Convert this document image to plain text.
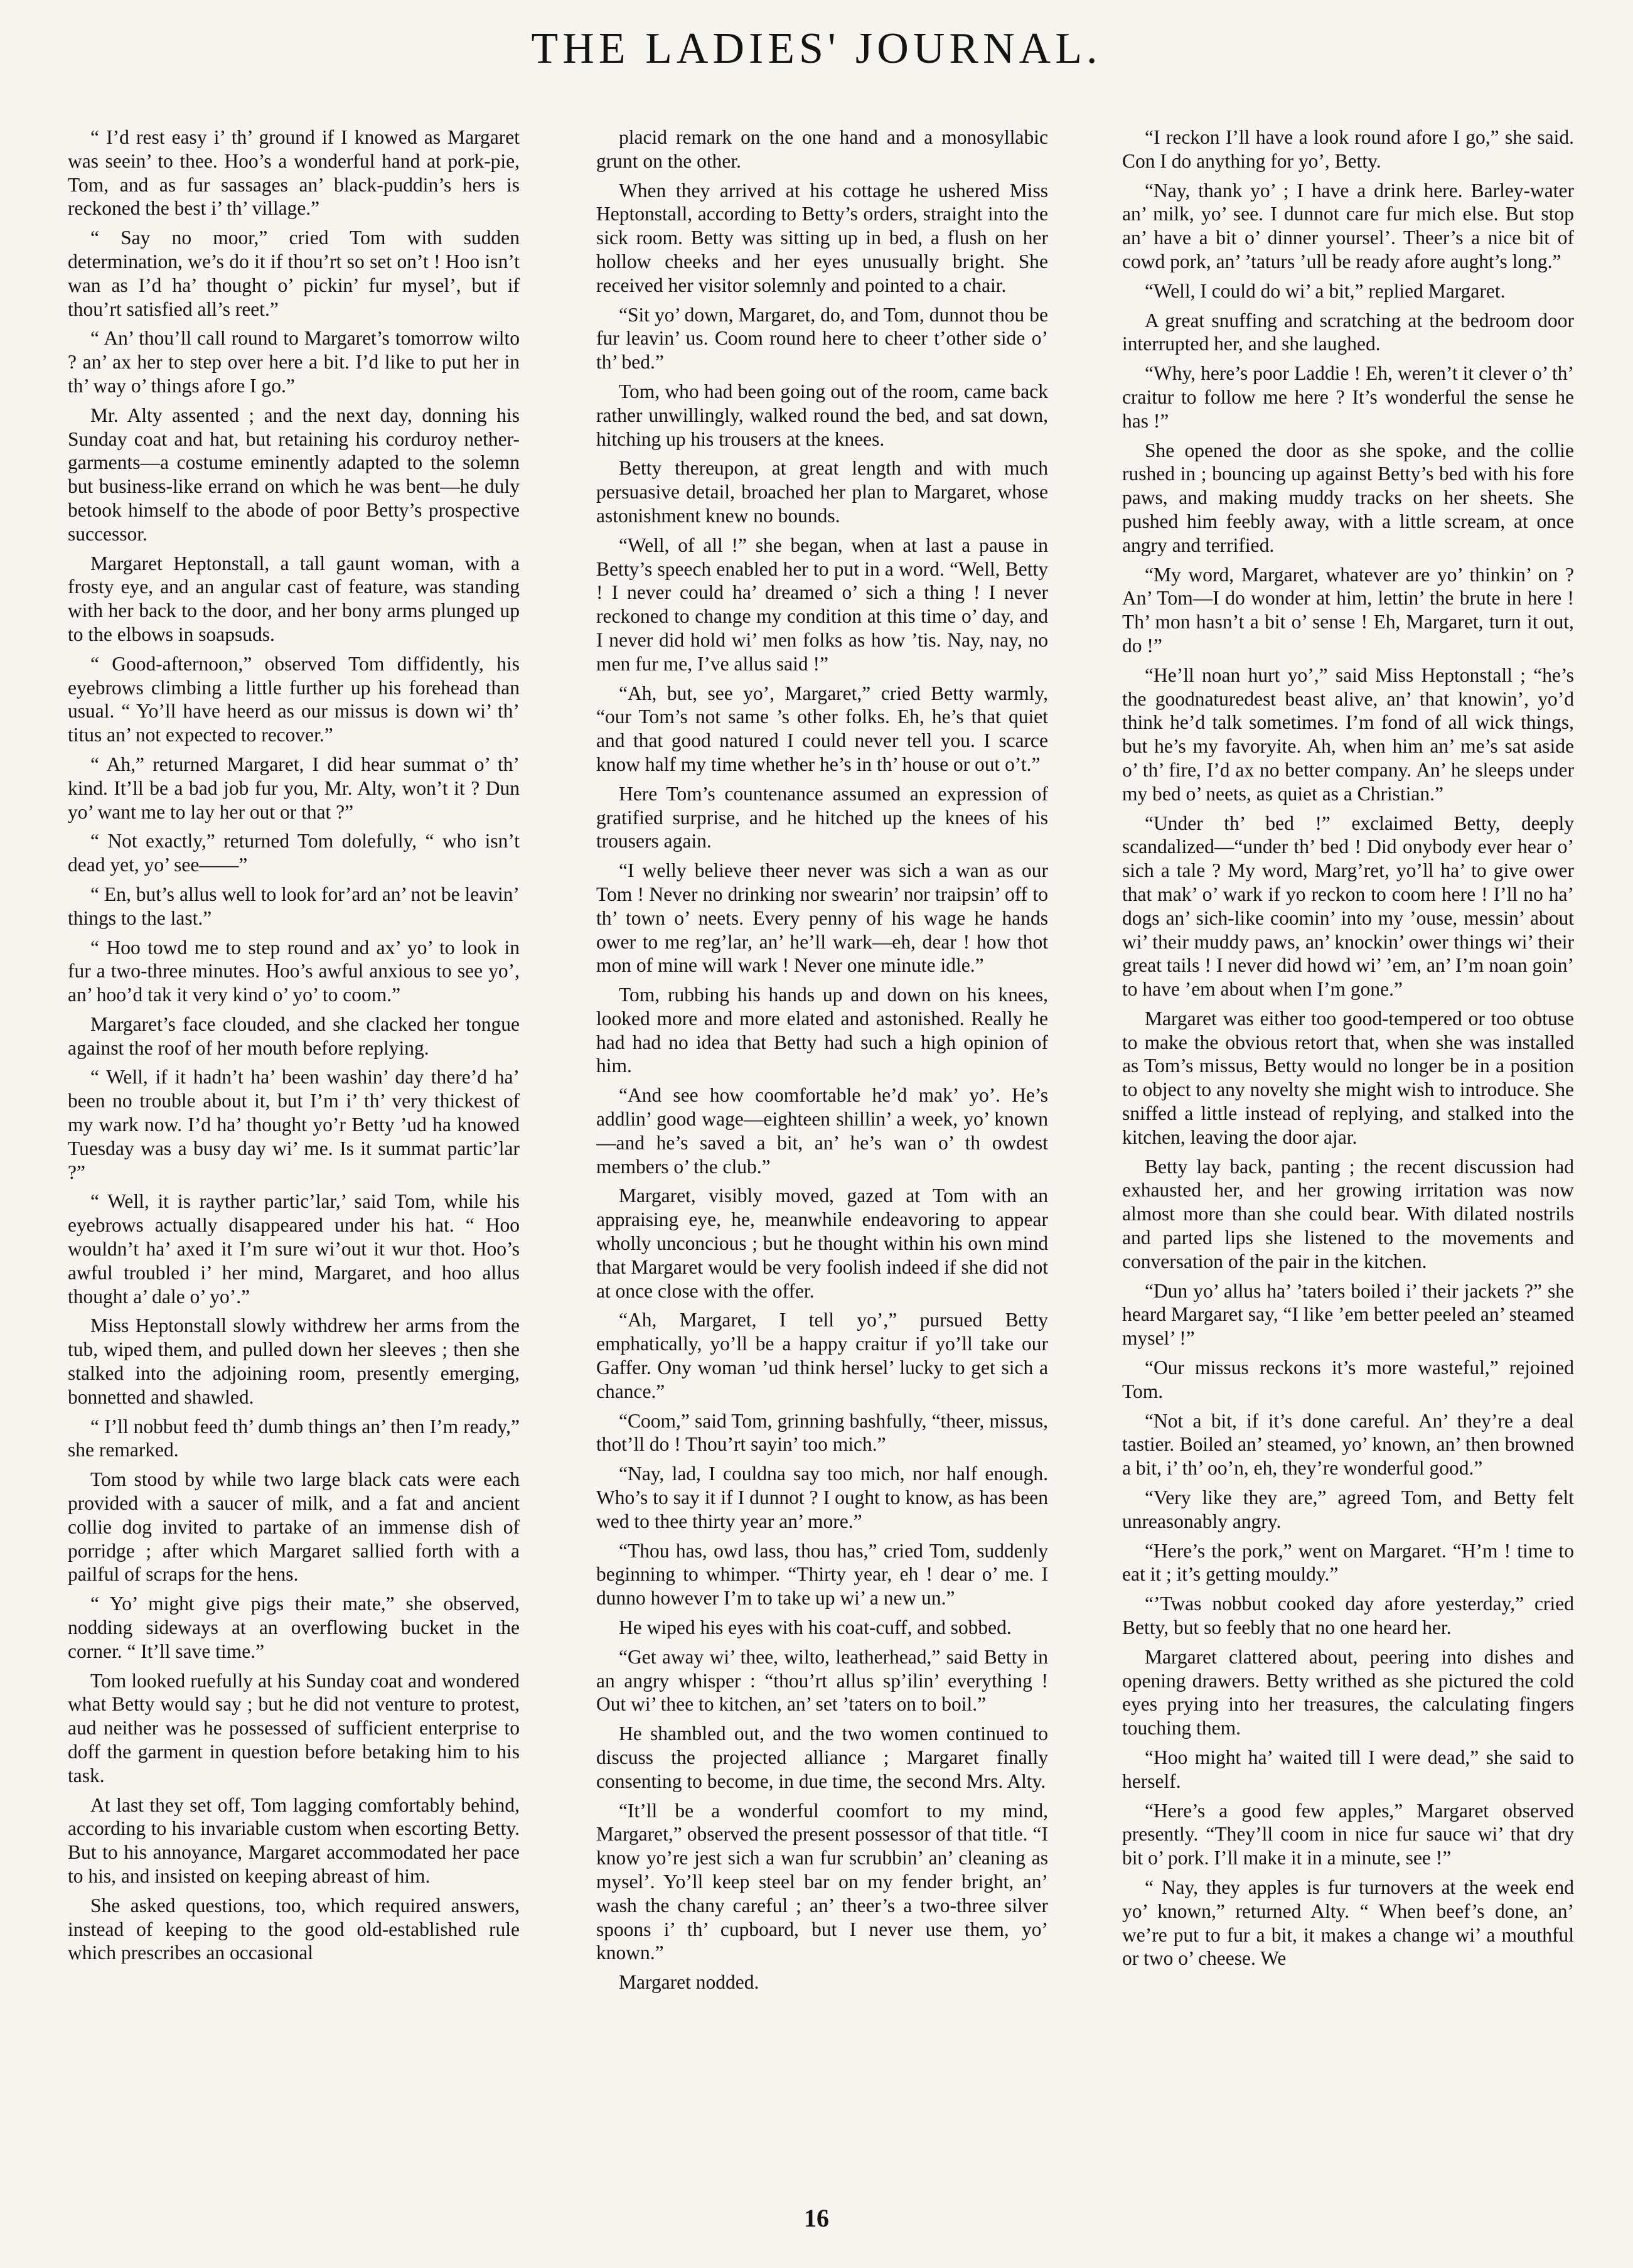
THE LADIES' JOURNAL.

“ I’d rest easy i’ th’ ground if I knowed as Margaret was seein’ to thee. Hoo’s a wonderful hand at pork-pie, Tom, and as fur sassages an’ black-puddin’s hers is reckoned the best i’ th’ village.”

“ Say no moor,” cried Tom with sudden determination, we’s do it if thou’rt so set on’t ! Hoo isn’t wan as I’d ha’ thought o’ pickin’ fur mysel’, but if thou’rt satisfied all’s reet.”

“ An’ thou’ll call round to Margaret’s tomorrow wilto ? an’ ax her to step over here a bit. I’d like to put her in th’ way o’ things afore I go.”

Mr. Alty assented ; and the next day, donning his Sunday coat and hat, but retaining his corduroy nether-garments—a costume eminently adapted to the solemn but business-like errand on which he was bent—he duly betook himself to the abode of poor Betty’s prospective successor.

Margaret Heptonstall, a tall gaunt woman, with a frosty eye, and an angular cast of feature, was standing with her back to the door, and her bony arms plunged up to the elbows in soapsuds.

“ Good-afternoon,” observed Tom diffidently, his eyebrows climbing a little further up his forehead than usual. “ Yo’ll have heerd as our missus is down wi’ th’ titus an’ not expected to recover.”

“ Ah,” returned Margaret, I did hear summat o’ th’ kind. It’ll be a bad job fur you, Mr. Alty, won’t it ? Dun yo’ want me to lay her out or that ?”

“ Not exactly,” returned Tom dolefully, “ who isn’t dead yet, yo’ see——”

“ En, but’s allus well to look for’ard an’ not be leavin’ things to the last.”

“ Hoo towd me to step round and ax’ yo’ to look in fur a two-three minutes. Hoo’s awful anxious to see yo’, an’ hoo’d tak it very kind o’ yo’ to coom.”

Margaret’s face clouded, and she clacked her tongue against the roof of her mouth before replying.

“ Well, if it hadn’t ha’ been washin’ day there’d ha’ been no trouble about it, but I’m i’ th’ very thickest of my wark now. I’d ha’ thought yo’r Betty ’ud ha knowed Tuesday was a busy day wi’ me. Is it summat partic’lar ?”

“ Well, it is rayther partic’lar,’ said Tom, while his eyebrows actually disappeared under his hat. “ Hoo wouldn’t ha’ axed it I’m sure wi’out it wur thot. Hoo’s awful troubled i’ her mind, Margaret, and hoo allus thought a’ dale o’ yo’.”

Miss Heptonstall slowly withdrew her arms from the tub, wiped them, and pulled down her sleeves ; then she stalked into the adjoining room, presently emerging, bonnetted and shawled.

“ I’ll nobbut feed th’ dumb things an’ then I’m ready,” she remarked.

Tom stood by while two large black cats were each provided with a saucer of milk, and a fat and ancient collie dog invited to partake of an immense dish of porridge ; after which Margaret sallied forth with a pailful of scraps for the hens.

“ Yo’ might give pigs their mate,” she observed, nodding sideways at an overflowing bucket in the corner. “ It’ll save time.”

Tom looked ruefully at his Sunday coat and wondered what Betty would say ; but he did not venture to protest, aud neither was he possessed of sufficient enterprise to doff the garment in question before betaking him to his task.

At last they set off, Tom lagging comfortably behind, according to his invariable custom when escorting Betty. But to his annoyance, Margaret accommodated her pace to his, and insisted on keeping abreast of him.

She asked questions, too, which required answers, instead of keeping to the good old-established rule which prescribes an occasional

placid remark on the one hand and a monosyllabic grunt on the other.

When they arrived at his cottage he ushered Miss Heptonstall, according to Betty’s orders, straight into the sick room. Betty was sitting up in bed, a flush on her hollow cheeks and her eyes unusually bright. She received her visitor solemnly and pointed to a chair.

“Sit yo’ down, Margaret, do, and Tom, dunnot thou be fur leavin’ us. Coom round here to cheer t’other side o’ th’ bed.”

Tom, who had been going out of the room, came back rather unwillingly, walked round the bed, and sat down, hitching up his trousers at the knees.

Betty thereupon, at great length and with much persuasive detail, broached her plan to Margaret, whose astonishment knew no bounds.

“Well, of all !” she began, when at last a pause in Betty’s speech enabled her to put in a word. “Well, Betty ! I never could ha’ dreamed o’ sich a thing ! I never reckoned to change my condition at this time o’ day, and I never did hold wi’ men folks as how ’tis. Nay, nay, no men fur me, I’ve allus said !”

“Ah, but, see yo’, Margaret,” cried Betty warmly, “our Tom’s not same ’s other folks. Eh, he’s that quiet and that good natured I could never tell you. I scarce know half my time whether he’s in th’ house or out o’t.”

Here Tom’s countenance assumed an expression of gratified surprise, and he hitched up the knees of his trousers again.

“I welly believe theer never was sich a wan as our Tom ! Never no drinking nor swearin’ nor traipsin’ off to th’ town o’ neets. Every penny of his wage he hands ower to me reg’lar, an’ he’ll wark—eh, dear ! how thot mon of mine will wark ! Never one minute idle.”

Tom, rubbing his hands up and down on his knees, looked more and more elated and astonished. Really he had had no idea that Betty had such a high opinion of him.

“And see how coomfortable he’d mak’ yo’. He’s addlin’ good wage—eighteen shillin’ a week, yo’ known—and he’s saved a bit, an’ he’s wan o’ th owdest members o’ the club.”

Margaret, visibly moved, gazed at Tom with an appraising eye, he, meanwhile endeavoring to appear wholly unconcious ; but he thought within his own mind that Margaret would be very foolish indeed if she did not at once close with the offer.

“Ah, Margaret, I tell yo’,” pursued Betty emphatically, yo’ll be a happy craitur if yo’ll take our Gaffer. Ony woman ’ud think hersel’ lucky to get sich a chance.”

“Coom,” said Tom, grinning bashfully, “theer, missus, thot’ll do ! Thou’rt sayin’ too mich.”

“Nay, lad, I couldna say too mich, nor half enough. Who’s to say it if I dunnot ? I ought to know, as has been wed to thee thirty year an’ more.”

“Thou has, owd lass, thou has,” cried Tom, suddenly beginning to whimper. “Thirty year, eh ! dear o’ me. I dunno however I’m to take up wi’ a new un.”

He wiped his eyes with his coat-cuff, and sobbed.

“Get away wi’ thee, wilto, leatherhead,” said Betty in an angry whisper : “thou’rt allus sp’ilin’ everything ! Out wi’ thee to kitchen, an’ set ’taters on to boil.”

He shambled out, and the two women continued to discuss the projected alliance ; Margaret finally consenting to become, in due time, the second Mrs. Alty.

“It’ll be a wonderful coomfort to my mind, Margaret,” observed the present possessor of that title. “I know yo’re jest sich a wan fur scrubbin’ an’ cleaning as mysel’. Yo’ll keep steel bar on my fender bright, an’ wash the chany careful ; an’ theer’s a two-three silver spoons i’ th’ cupboard, but I never use them, yo’ known.”

Margaret nodded.

“I reckon I’ll have a look round afore I go,” she said. Con I do anything for yo’, Betty.

“Nay, thank yo’ ; I have a drink here. Barley-water an’ milk, yo’ see. I dunnot care fur mich else. But stop an’ have a bit o’ dinner yoursel’. Theer’s a nice bit of cowd pork, an’ ’taturs ’ull be ready afore aught’s long.”

“Well, I could do wi’ a bit,” replied Margaret.

A great snuffing and scratching at the bedroom door interrupted her, and she laughed.

“Why, here’s poor Laddie ! Eh, weren’t it clever o’ th’ craitur to follow me here ? It’s wonderful the sense he has !”

She opened the door as she spoke, and the collie rushed in ; bouncing up against Betty’s bed with his fore paws, and making muddy tracks on her sheets. She pushed him feebly away, with a little scream, at once angry and terrified.

“My word, Margaret, whatever are yo’ thinkin’ on ? An’ Tom—I do wonder at him, lettin’ the brute in here ! Th’ mon hasn’t a bit o’ sense ! Eh, Margaret, turn it out, do !”

“He’ll noan hurt yo’,” said Miss Heptonstall ; “he’s the goodnaturedest beast alive, an’ that knowin’, yo’d think he’d talk sometimes. I’m fond of all wick things, but he’s my favoryite. Ah, when him an’ me’s sat aside o’ th’ fire, I’d ax no better company. An’ he sleeps under my bed o’ neets, as quiet as a Christian.”

“Under th’ bed !” exclaimed Betty, deeply scandalized—“under th’ bed ! Did onybody ever hear o’ sich a tale ? My word, Marg’ret, yo’ll ha’ to give ower that mak’ o’ wark if yo reckon to coom here ! I’ll no ha’ dogs an’ sich-like coomin’ into my ’ouse, messin’ about wi’ their muddy paws, an’ knockin’ ower things wi’ their great tails ! I never did howd wi’ ’em, an’ I’m noan goin’ to have ’em about when I’m gone.”

Margaret was either too good-tempered or too obtuse to make the obvious retort that, when she was installed as Tom’s missus, Betty would no longer be in a position to object to any novelty she might wish to introduce. She sniffed a little instead of replying, and stalked into the kitchen, leaving the door ajar.

Betty lay back, panting ; the recent discussion had exhausted her, and her growing irritation was now almost more than she could bear. With dilated nostrils and parted lips she listened to the movements and conversation of the pair in the kitchen.

“Dun yo’ allus ha’ ’taters boiled i’ their jackets ?” she heard Margaret say, “I like ’em better peeled an’ steamed mysel’ !”

“Our missus reckons it’s more wasteful,” rejoined Tom.

“Not a bit, if it’s done careful. An’ they’re a deal tastier. Boiled an’ steamed, yo’ known, an’ then browned a bit, i’ th’ oo’n, eh, they’re wonderful good.”

“Very like they are,” agreed Tom, and Betty felt unreasonably angry.

“Here’s the pork,” went on Margaret. “H’m ! time to eat it ; it’s getting mouldy.”

“’Twas nobbut cooked day afore yesterday,” cried Betty, but so feebly that no one heard her.

Margaret clattered about, peering into dishes and opening drawers. Betty writhed as she pictured the cold eyes prying into her treasures, the calculating fingers touching them.

“Hoo might ha’ waited till I were dead,” she said to herself.

“Here’s a good few apples,” Margaret observed presently. “They’ll coom in nice fur sauce wi’ that dry bit o’ pork. I’ll make it in a minute, see !”

“ Nay, they apples is fur turnovers at the week end yo’ known,” returned Alty. “ When beef’s done, an’ we’re put to fur a bit, it makes a change wi’ a mouthful or two o’ cheese. We

16
